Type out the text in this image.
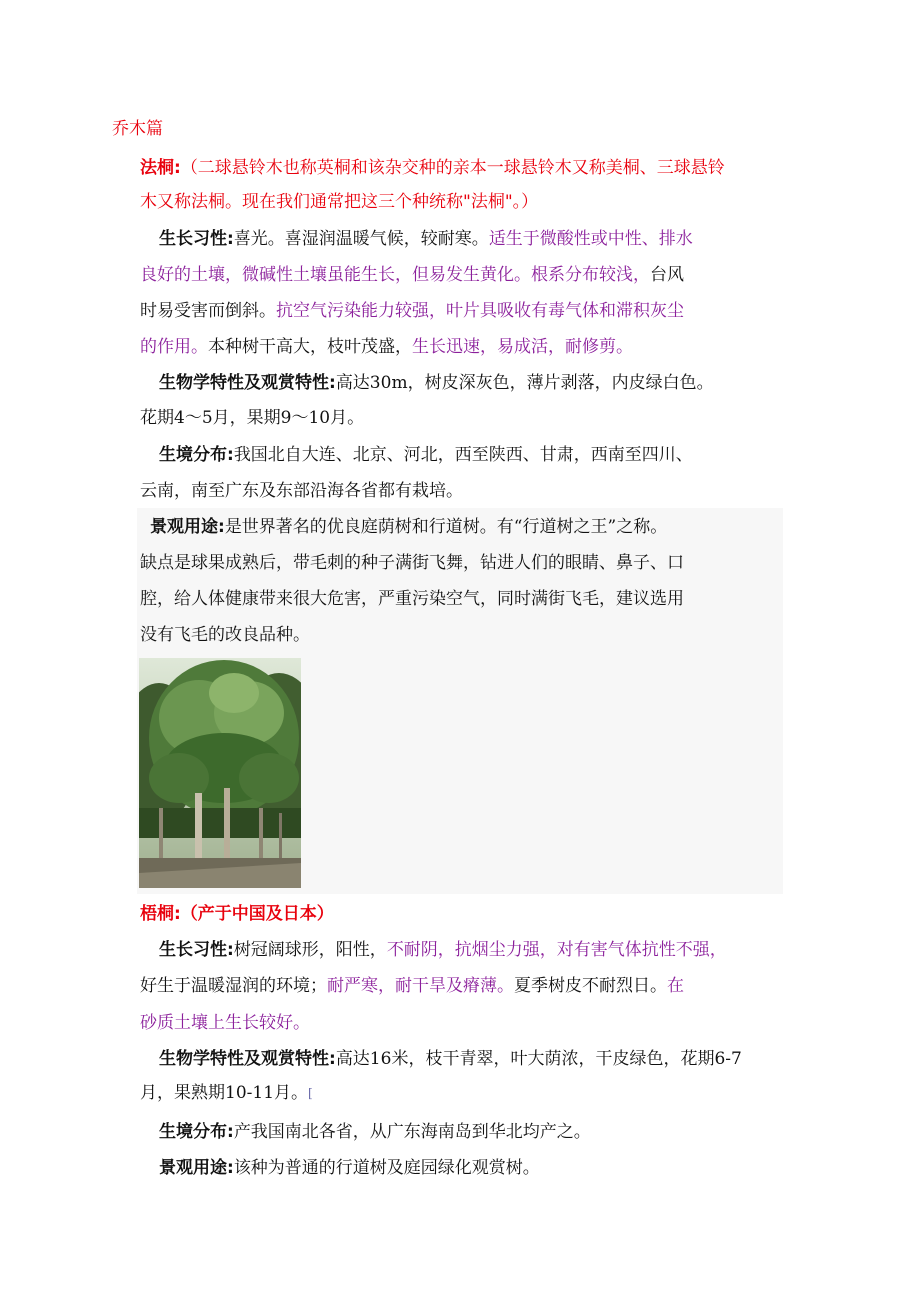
乔木篇
法桐:（二球悬铃木也称英桐和该杂交种的亲本一球悬铃木又称美桐、三球悬铃
木又称法桐。现在我们通常把这三个种统称"法桐"。）
生长习性:喜光。喜湿润温暖气候，较耐寒。适生于微酸性或中性、排水
良好的土壤，微碱性土壤虽能生长，但易发生黄化。根系分布较浅，台风
时易受害而倒斜。抗空气污染能力较强，叶片具吸收有毒气体和滞积灰尘
的作用。本种树干高大，枝叶茂盛，生长迅速，易成活，耐修剪。
生物学特性及观赏特性:高达30m，树皮深灰色，薄片剥落，内皮绿白色。
花期4～5月，果期9～10月。
生境分布:我国北自大连、北京、河北，西至陕西、甘肃，西南至四川、
云南，南至广东及东部沿海各省都有栽培。
景观用途:是世界著名的优良庭荫树和行道树。有“行道树之王”之称。
缺点是球果成熟后，带毛刺的种子满街飞舞，钻进人们的眼睛、鼻子、口
腔，给人体健康带来很大危害，严重污染空气，同时满街飞毛，建议选用
没有飞毛的改良品种。
梧桐:（产于中国及日本）
生长习性:树冠阔球形，阳性，不耐阴，抗烟尘力强，对有害气体抗性不强，
好生于温暖湿润的环境；耐严寒，耐干旱及瘠薄。夏季树皮不耐烈日。在
砂质土壤上生长较好。
生物学特性及观赏特性:高达16米，枝干青翠，叶大荫浓，干皮绿色，花期6-7
月，果熟期10-11月。[
生境分布:产我国南北各省，从广东海南岛到华北均产之。
景观用途:该种为普通的行道树及庭园绿化观赏树。
